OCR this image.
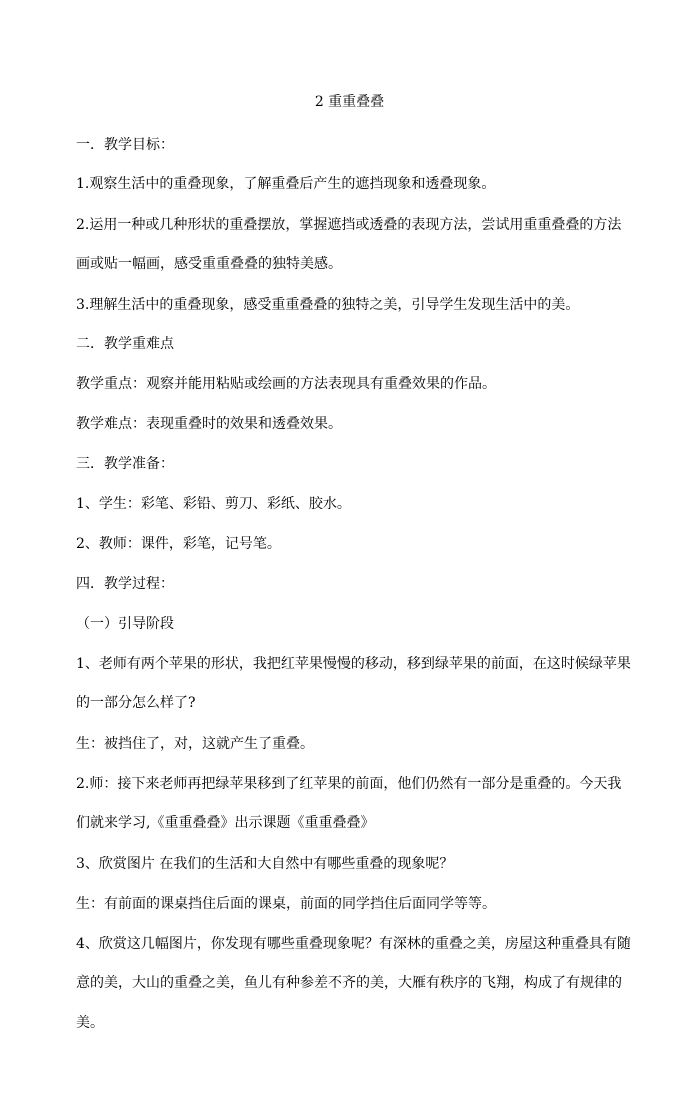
2 重重叠叠
一．教学目标：
1.观察生活中的重叠现象，了解重叠后产生的遮挡现象和透叠现象。
2.运用一种或几种形状的重叠摆放，掌握遮挡或透叠的表现方法，尝试用重重叠叠的方法
画或贴一幅画，感受重重叠叠的独特美感。
3.理解生活中的重叠现象，感受重重叠叠的独特之美，引导学生发现生活中的美。
二．教学重难点
教学重点：观察并能用粘贴或绘画的方法表现具有重叠效果的作品。
教学难点：表现重叠时的效果和透叠效果。
三．教学准备：
1、学生：彩笔、彩铅、剪刀、彩纸、胶水。
2、教师：课件，彩笔，记号笔。
四．教学过程：
（一）引导阶段
1、老师有两个苹果的形状，我把红苹果慢慢的移动，移到绿苹果的前面，在这时候绿苹果
的一部分怎么样了?
生：被挡住了，对，这就产生了重叠。
2.师：接下来老师再把绿苹果移到了红苹果的前面，他们仍然有一部分是重叠的。今天我
们就来学习,《重重叠叠》出示课题《重重叠叠》
3、欣赏图片 在我们的生活和大自然中有哪些重叠的现象呢？
生：有前面的课桌挡住后面的课桌，前面的同学挡住后面同学等等。
4、欣赏这几幅图片，你发现有哪些重叠现象呢？有深林的重叠之美，房屋这种重叠具有随
意的美，大山的重叠之美，鱼儿有种参差不齐的美，大雁有秩序的飞翔，构成了有规律的
美。
